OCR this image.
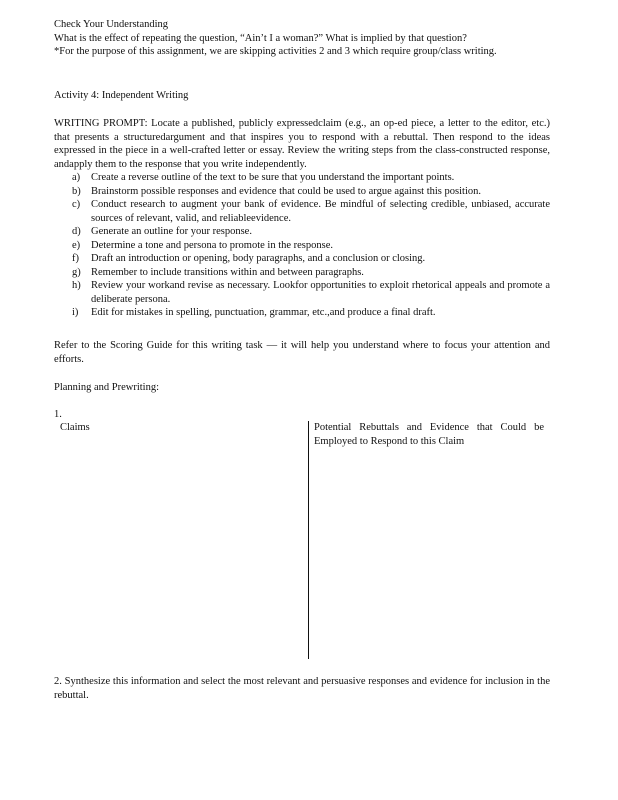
Check Your Understanding
What is the effect of repeating the question, “Ain’t I a woman?” What is implied by that question?
*For the purpose of this assignment, we are skipping activities 2 and 3 which require group/class writing.
Activity 4: Independent Writing
WRITING PROMPT: Locate a published, publicly expressedclaim (e.g., an op-ed piece, a letter to the editor, etc.) that presents a structuredargument and that inspires you to respond with a rebuttal. Then respond to the ideas expressed in the piece in a well-crafted letter or essay. Review the writing steps from the class-constructed response, andapply them to the response that you write independently.
a) Create a reverse outline of the text to be sure that you understand the important points.
b) Brainstorm possible responses and evidence that could be used to argue against this position.
c) Conduct research to augment your bank of evidence. Be mindful of selecting credible, unbiased, accurate sources of relevant, valid, and reliableevidence.
d) Generate an outline for your response.
e) Determine a tone and persona to promote in the response.
f) Draft an introduction or opening, body paragraphs, and a conclusion or closing.
g) Remember to include transitions within and between paragraphs.
h) Review your workand revise as necessary. Lookfor opportunities to exploit rhetorical appeals and promote a deliberate persona.
i) Edit for mistakes in spelling, punctuation, grammar, etc.,and produce a final draft.
Refer to the Scoring Guide for this writing task — it will help you understand where to focus your attention and efforts.
Planning and Prewriting:
1.
Claims	Potential Rebuttals and Evidence that Could be Employed to Respond to this Claim
2. Synthesize this information and select the most relevant and persuasive responses and evidence for inclusion in the rebuttal.
